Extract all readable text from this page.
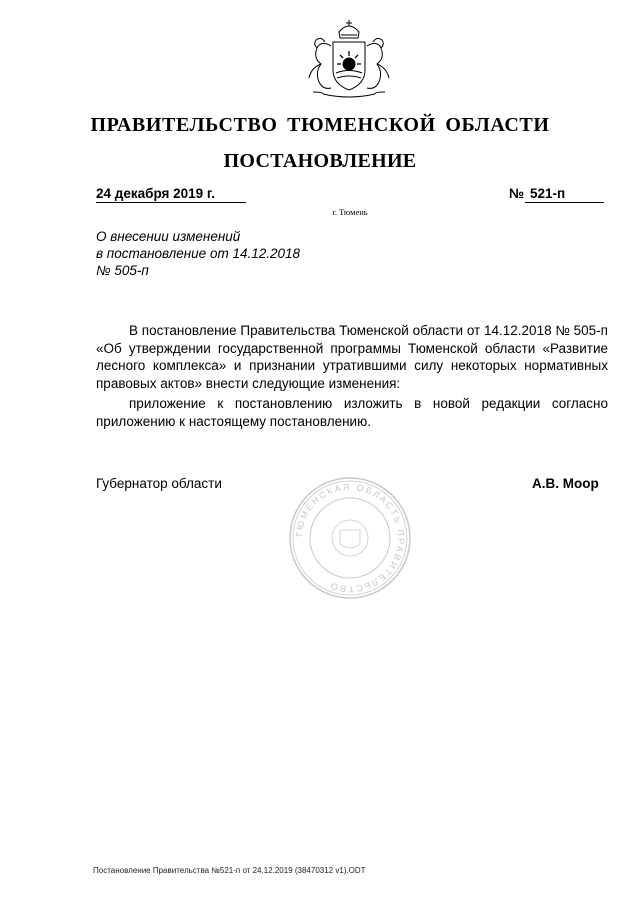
ПРАВИТЕЛЬСТВО ТЮМЕНСКОЙ ОБЛАСТИ
ПОСТАНОВЛЕНИЕ
24 декабря 2019 г.	№ 521-п
г. Тюмень
О внесении изменений
в постановление от 14.12.2018
№ 505-п
В постановление Правительства Тюменской области от 14.12.2018 № 505-п «Об утверждении государственной программы Тюменской области «Развитие лесного комплекса» и признании утратившими силу некоторых нормативных правовых актов» внести следующие изменения:
приложение к постановлению изложить в новой редакции согласно приложению к настоящему постановлению.
ТЮМЕНСКАЯ ОБЛАСТЬ ПРАВИТЕЛЬСТВО
Губернатор области	А.В. Моор
Постановление Правительства №521-п от 24.12.2019 (38470312 v1).ODT
